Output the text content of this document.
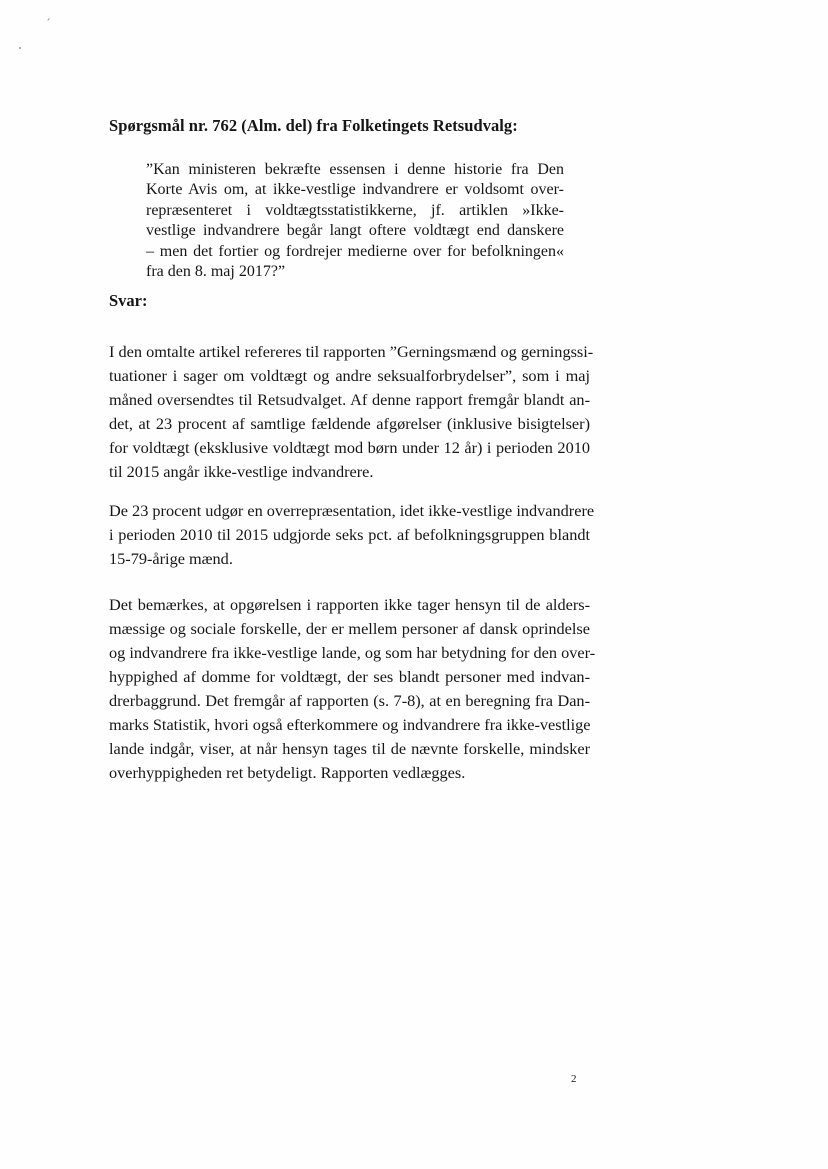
Spørgsmål nr. 762 (Alm. del) fra Folketingets Retsudvalg:
”Kan ministeren bekræfte essensen i denne historie fra Den
Korte Avis om, at ikke-vestlige indvandrere er voldsomt over-
repræsenteret i voldtægtsstatistikkerne, jf. artiklen »Ikke-
vestlige indvandrere begår langt oftere voldtægt end danskere
– men det fortier og fordrejer medierne over for befolkningen«
fra den 8. maj 2017?”
Svar:
I den omtalte artikel refereres til rapporten ”Gerningsmænd og gerningssi-
tuationer i sager om voldtægt og andre seksualforbrydelser”, som i maj
måned oversendtes til Retsudvalget. Af denne rapport fremgår blandt an-
det, at 23 procent af samtlige fældende afgørelser (inklusive bisigtelser)
for voldtægt (eksklusive voldtægt mod børn under 12 år) i perioden 2010
til 2015 angår ikke-vestlige indvandrere.
De 23 procent udgør en overrepræsentation, idet ikke-vestlige indvandrere
i perioden 2010 til 2015 udgjorde seks pct. af befolkningsgruppen blandt
15-79-årige mænd.
Det bemærkes, at opgørelsen i rapporten ikke tager hensyn til de alders-
mæssige og sociale forskelle, der er mellem personer af dansk oprindelse
og indvandrere fra ikke-vestlige lande, og som har betydning for den over-
hyppighed af domme for voldtægt, der ses blandt personer med indvan-
drerbaggrund. Det fremgår af rapporten (s. 7-8), at en beregning fra Dan-
marks Statistik, hvori også efterkommere og indvandrere fra ikke-vestlige
lande indgår, viser, at når hensyn tages til de nævnte forskelle, mindsker
overhyppigheden ret betydeligt. Rapporten vedlægges.
2
